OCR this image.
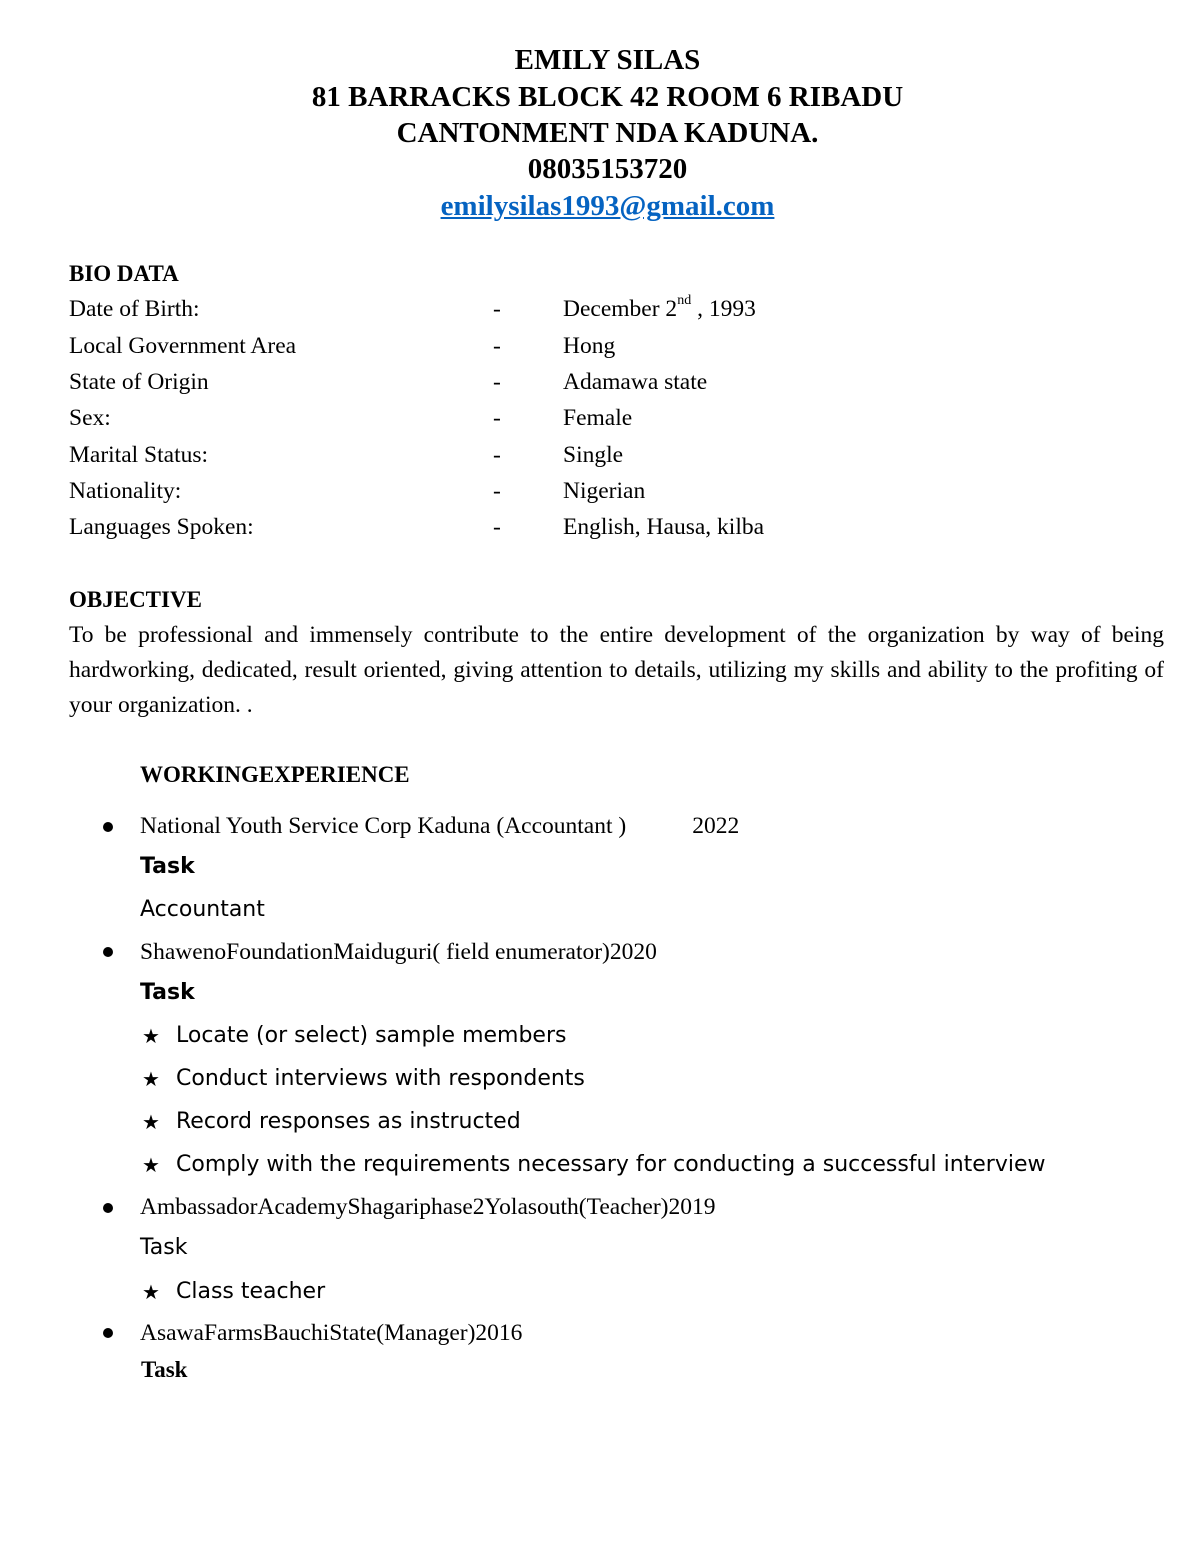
EMILY SILAS
81 BARRACKS BLOCK 42 ROOM 6 RIBADU
CANTONMENT NDA KADUNA.
08035153720
emilysilas1993@gmail.com
BIO DATA
Date of Birth:	-	December 2nd , 1993
Local Government Area	-	Hong
State of Origin	-	Adamawa state
Sex:	-	Female
Marital Status:	-	Single
Nationality:	-	Nigerian
Languages Spoken:	-	English, Hausa, kilba
OBJECTIVE
To be professional and immensely contribute to the entire development of the organization by way of being hardworking, dedicated, result oriented, giving attention to details, utilizing my skills and ability to the profiting of your organization. .
WORKINGEXPERIENCE
National Youth Service Corp Kaduna (Accountant )	2022
Task
Accountant
ShawenoFoundationMaiduguri( field enumerator)2020
Task
★ Locate (or select) sample members
★ Conduct interviews with respondents
★ Record responses as instructed
★ Comply with the requirements necessary for conducting a successful interview
AmbassadorAcademyShagariphase2Yolasouth(Teacher)2019
Task
★ Class teacher
AsawaFarmsBauchiState(Manager)2016
Task
